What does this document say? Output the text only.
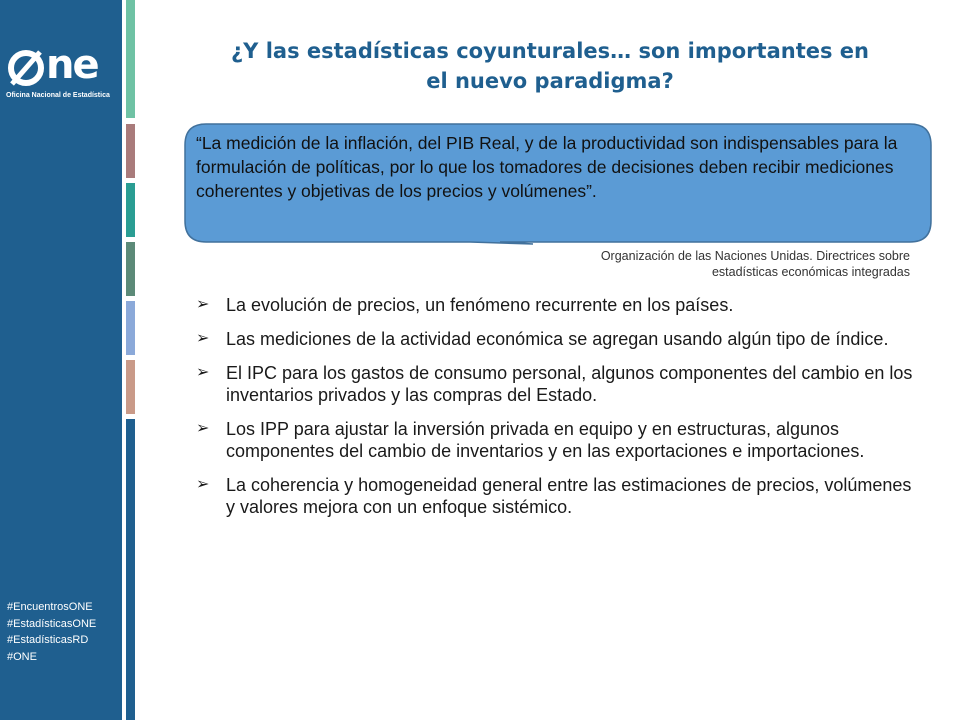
ne
Oficina Nacional de Estadística
#EncuentrosONE
#EstadísticasONE
#EstadísticasRD
#ONE
¿Y las estadísticas coyunturales… son importantes en
el nuevo paradigma?
“La medición de la inflación, del PIB Real, y de la productividad son indispensables para la formulación de políticas, por lo que los tomadores de decisiones deben recibir mediciones coherentes y objetivas de los precios y volúmenes”.
Organización de las Naciones Unidas. Directrices sobre
estadísticas económicas integradas
➢ La evolución de precios, un fenómeno recurrente en los países.
➢ Las mediciones de la actividad económica se agregan usando algún tipo de índice.
➢ El IPC para los gastos de consumo personal, algunos componentes del cambio en los inventarios privados y las compras del Estado.
➢ Los IPP para ajustar la inversión privada en equipo y en estructuras, algunos componentes del cambio de inventarios y en las exportaciones e importaciones.
➢ La coherencia y homogeneidad general entre las estimaciones de precios, volúmenes y valores mejora con un enfoque sistémico.
